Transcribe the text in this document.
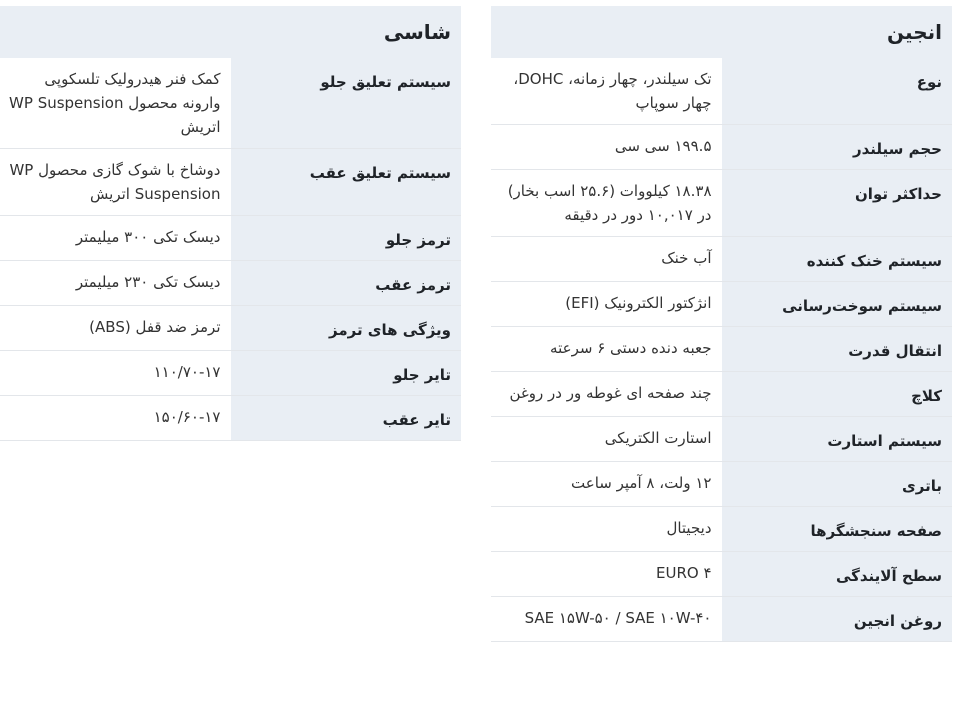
شاسی	
سیستم تعلیق جلو	کمک فنر هیدرولیک تلسکوپی وارونه محصول WP Suspension اتریش
سیستم تعلیق عقب	دوشاخ با شوک گازی محصول WP Suspension اتریش
ترمز جلو	دیسک تکی ۳۰۰ میلیمتر
ترمز عقب	دیسک تکی ۲۳۰ میلیمتر
ویژگی های ترمز	ترمز ضد قفل (ABS)
تایر جلو	۱۱۰/۷۰-۱۷
تایر عقب	۱۵۰/۶۰-۱۷
انجین	
نوع	تک سیلندر، چهار زمانه، DOHC، چهار سوپاپ
حجم سیلندر	۱۹۹.۵ سی سی
حداکثر توان	۱۸.۳۸ کیلووات (۲۵.۶ اسب بخار) در ۱۰,۰۱۷ دور در دقیقه
سیستم خنک کننده	آب خنک
سیستم سوخت‌رسانی	انژکتور الکترونیک (EFI)
انتقال قدرت	جعبه دنده دستی ۶ سرعته
کلاچ	چند صفحه ای غوطه ور در روغن
سیستم استارت	استارت الکتریکی
باتری	۱۲ ولت، ۸ آمپر ساعت
صفحه سنجشگرها	دیجیتال
سطح آلایندگی	EURO ۴
روغن انجین	SAE ۱۵W-۵۰ / SAE ۱۰W-۴۰
